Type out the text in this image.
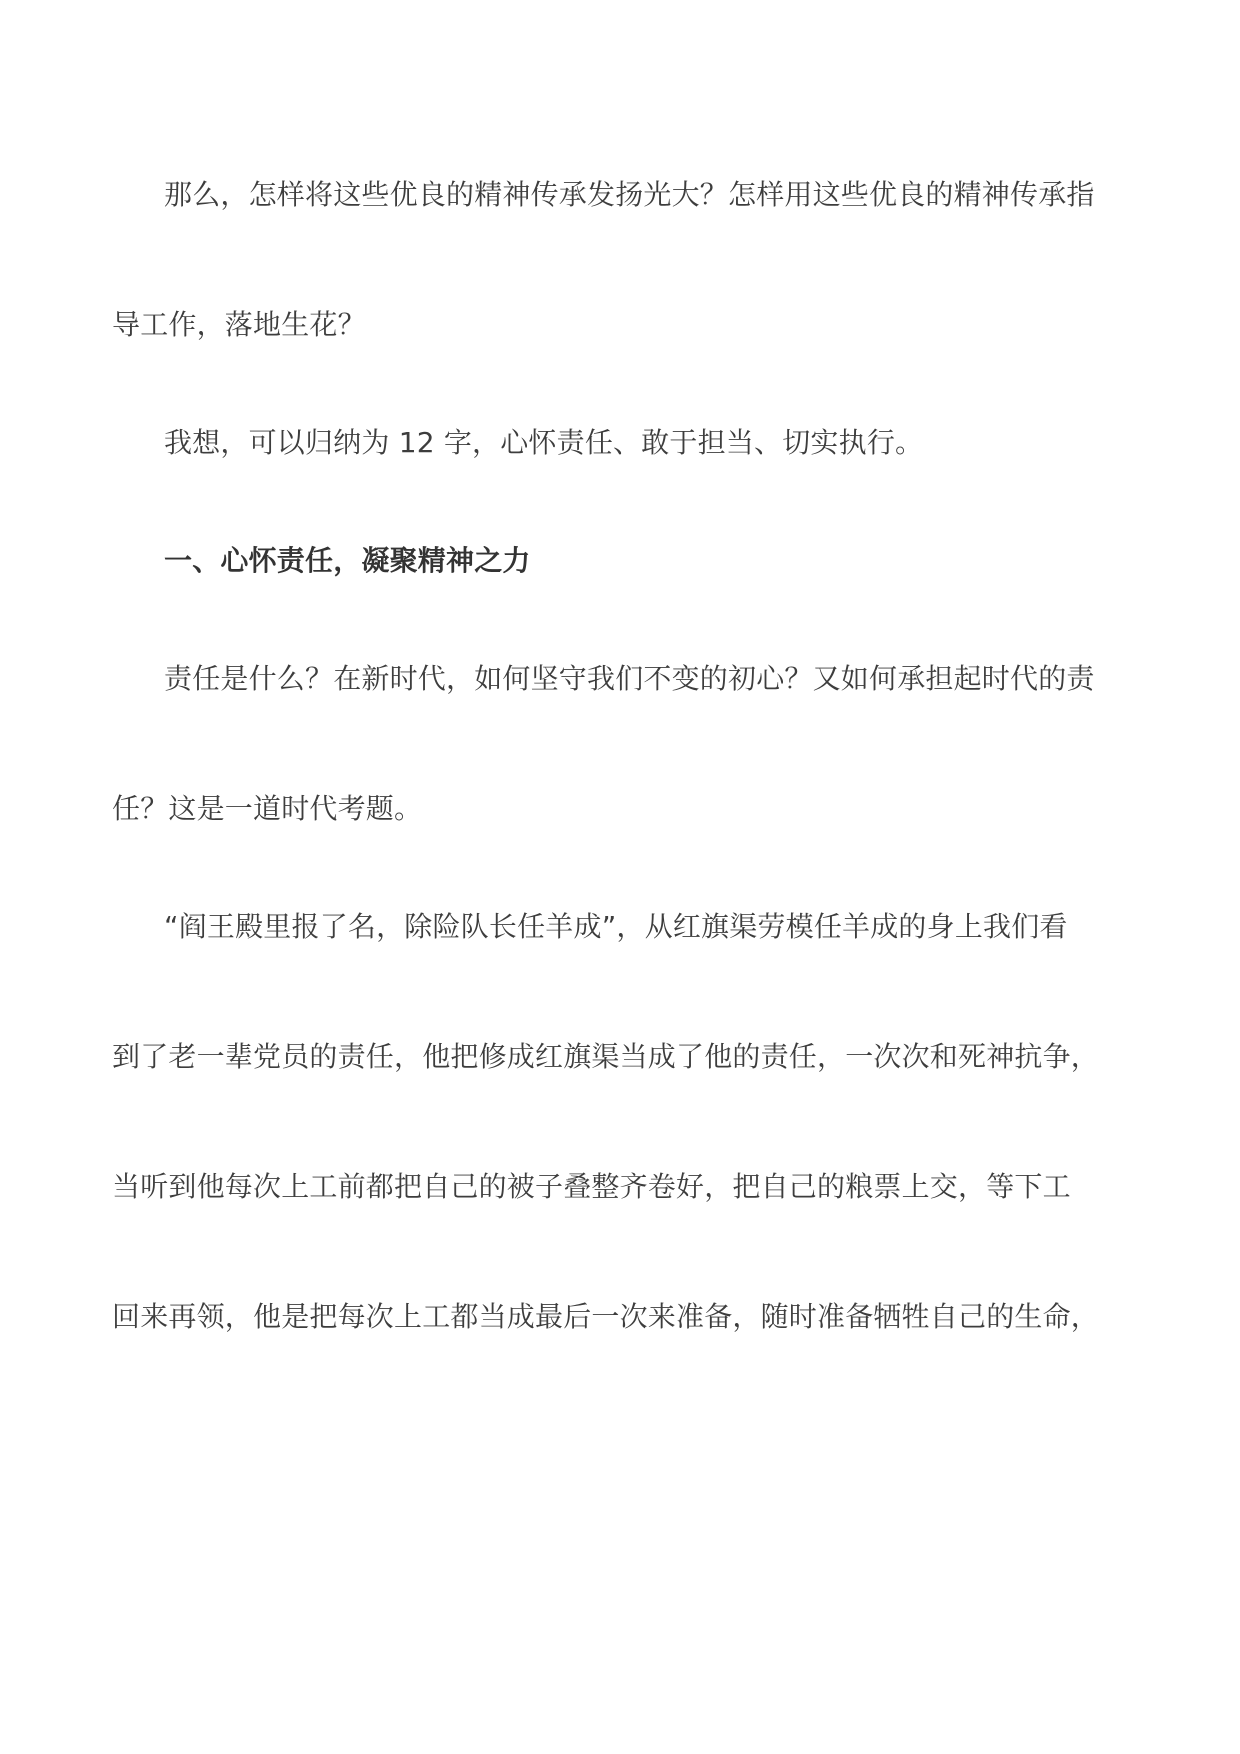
那么，怎样将这些优良的精神传承发扬光大？怎样用这些优良的精神传承指

导工作，落地生花？

我想，可以归纳为 12 字，心怀责任、敢于担当、切实执行。

一、心怀责任，凝聚精神之力

责任是什么？在新时代，如何坚守我们不变的初心？又如何承担起时代的责

任？这是一道时代考题。

“阎王殿里报了名，除险队长任羊成”，从红旗渠劳模任羊成的身上我们看

到了老一辈党员的责任，他把修成红旗渠当成了他的责任，一次次和死神抗争，

当听到他每次上工前都把自己的被子叠整齐卷好，把自己的粮票上交，等下工

回来再领，他是把每次上工都当成最后一次来准备，随时准备牺牲自己的生命，
